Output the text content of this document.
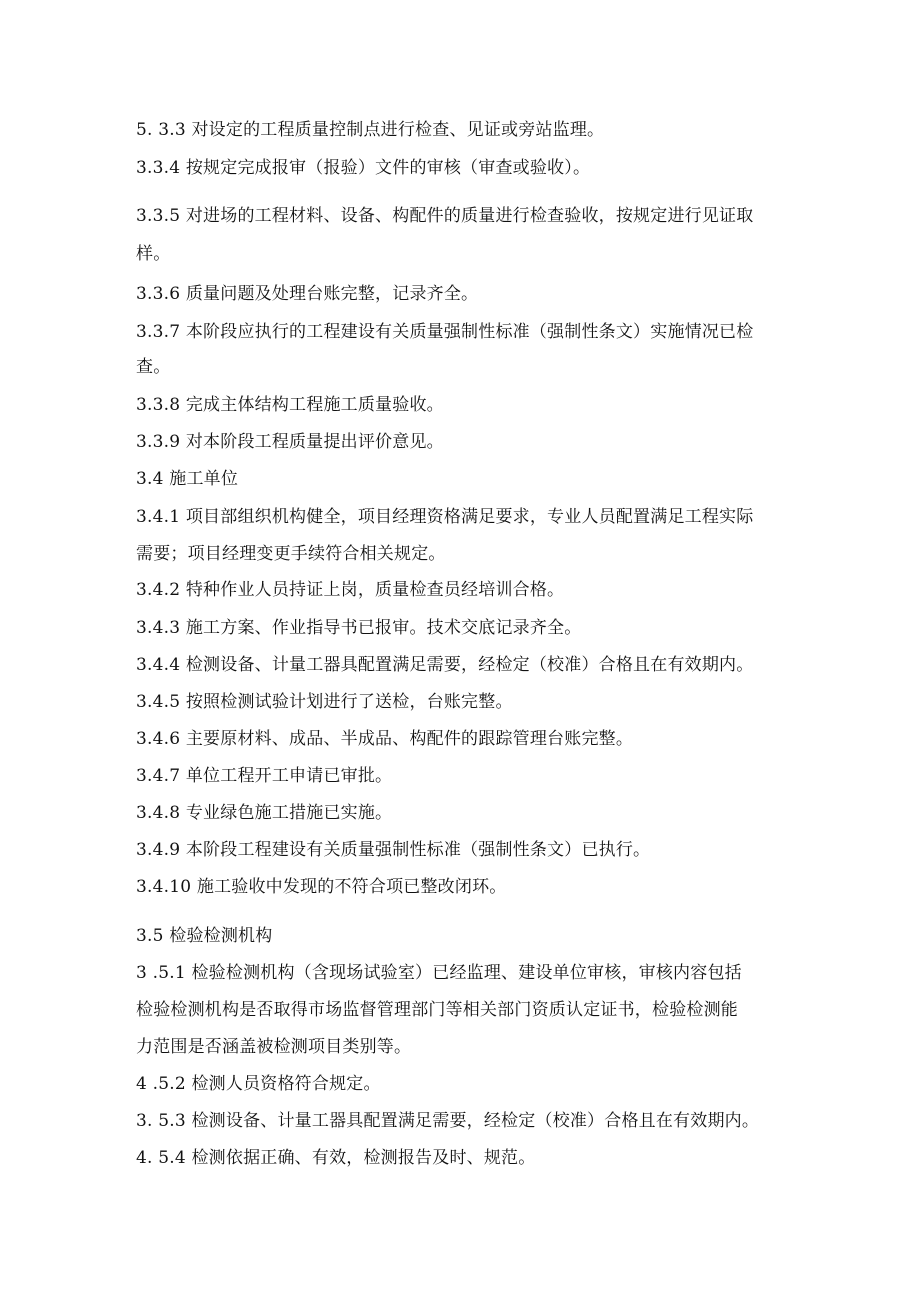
5. 3.3 对设定的工程质量控制点进行检查、见证或旁站监理。
3.3.4 按规定完成报审（报验）文件的审核（审查或验收）。
3.3.5 对进场的工程材料、设备、构配件的质量进行检查验收，按规定进行见证取
样。
3.3.6 质量问题及处理台账完整，记录齐全。
3.3.7 本阶段应执行的工程建设有关质量强制性标准（强制性条文）实施情况已检
查。
3.3.8 完成主体结构工程施工质量验收。
3.3.9 对本阶段工程质量提出评价意见。
3.4 施工单位
3.4.1 项目部组织机构健全，项目经理资格满足要求，专业人员配置满足工程实际
需要；项目经理变更手续符合相关规定。
3.4.2 特种作业人员持证上岗，质量检查员经培训合格。
3.4.3 施工方案、作业指导书已报审。技术交底记录齐全。
3.4.4 检测设备、计量工器具配置满足需要，经检定（校准）合格且在有效期内。
3.4.5 按照检测试验计划进行了送检，台账完整。
3.4.6 主要原材料、成品、半成品、构配件的跟踪管理台账完整。
3.4.7 单位工程开工申请已审批。
3.4.8 专业绿色施工措施已实施。
3.4.9 本阶段工程建设有关质量强制性标准（强制性条文）已执行。
3.4.10 施工验收中发现的不符合项已整改闭环。
3.5 检验检测机构
3 .5.1 检验检测机构（含现场试验室）已经监理、建设单位审核，审核内容包括
检验检测机构是否取得市场监督管理部门等相关部门资质认定证书，检验检测能
力范围是否涵盖被检测项目类别等。
4 .5.2 检测人员资格符合规定。
3. 5.3 检测设备、计量工器具配置满足需要，经检定（校准）合格且在有效期内。
4. 5.4 检测依据正确、有效，检测报告及时、规范。
